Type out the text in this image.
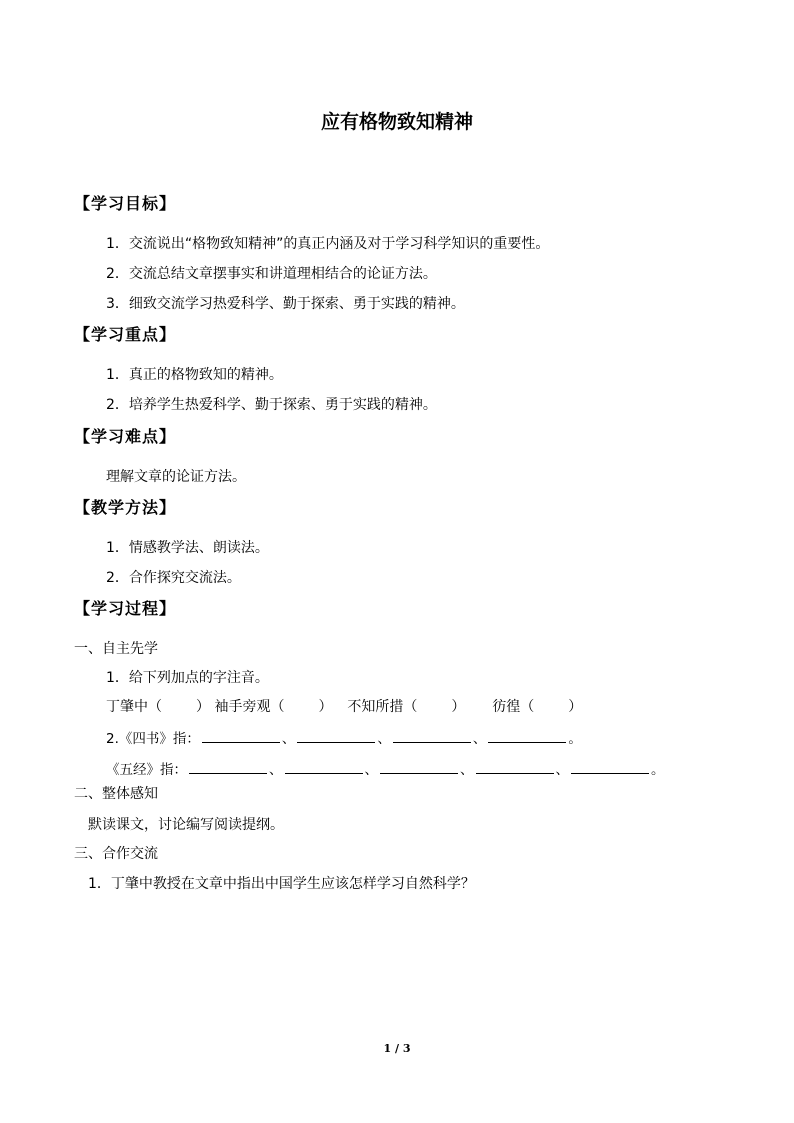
应有格物致知精神
【学习目标】
1．交流说出“格物致知精神”的真正内涵及对于学习科学知识的重要性。
2．交流总结文章摆事实和讲道理相结合的论证方法。
3．细致交流学习热爱科学、勤于探索、勇于实践的精神。
【学习重点】
1．真正的格物致知的精神。
2．培养学生热爱科学、勤于探索、勇于实践的精神。
【学习难点】
理解文章的论证方法。
【教学方法】
1．情感教学法、朗读法。
2．合作探究交流法。
【学习过程】
一、自主先学
1．给下列加点的字注音。
丁肇中（ ） 袖手旁观（ ） 不知所措（ ） 彷徨（ ）
2.《四书》指：	、	、	、	。
《五经》指：	、	、	、	、	。
二、整体感知
默读课文，讨论编写阅读提纲。
三、合作交流
1．丁肇中教授在文章中指出中国学生应该怎样学习自然科学？
1 / 3
